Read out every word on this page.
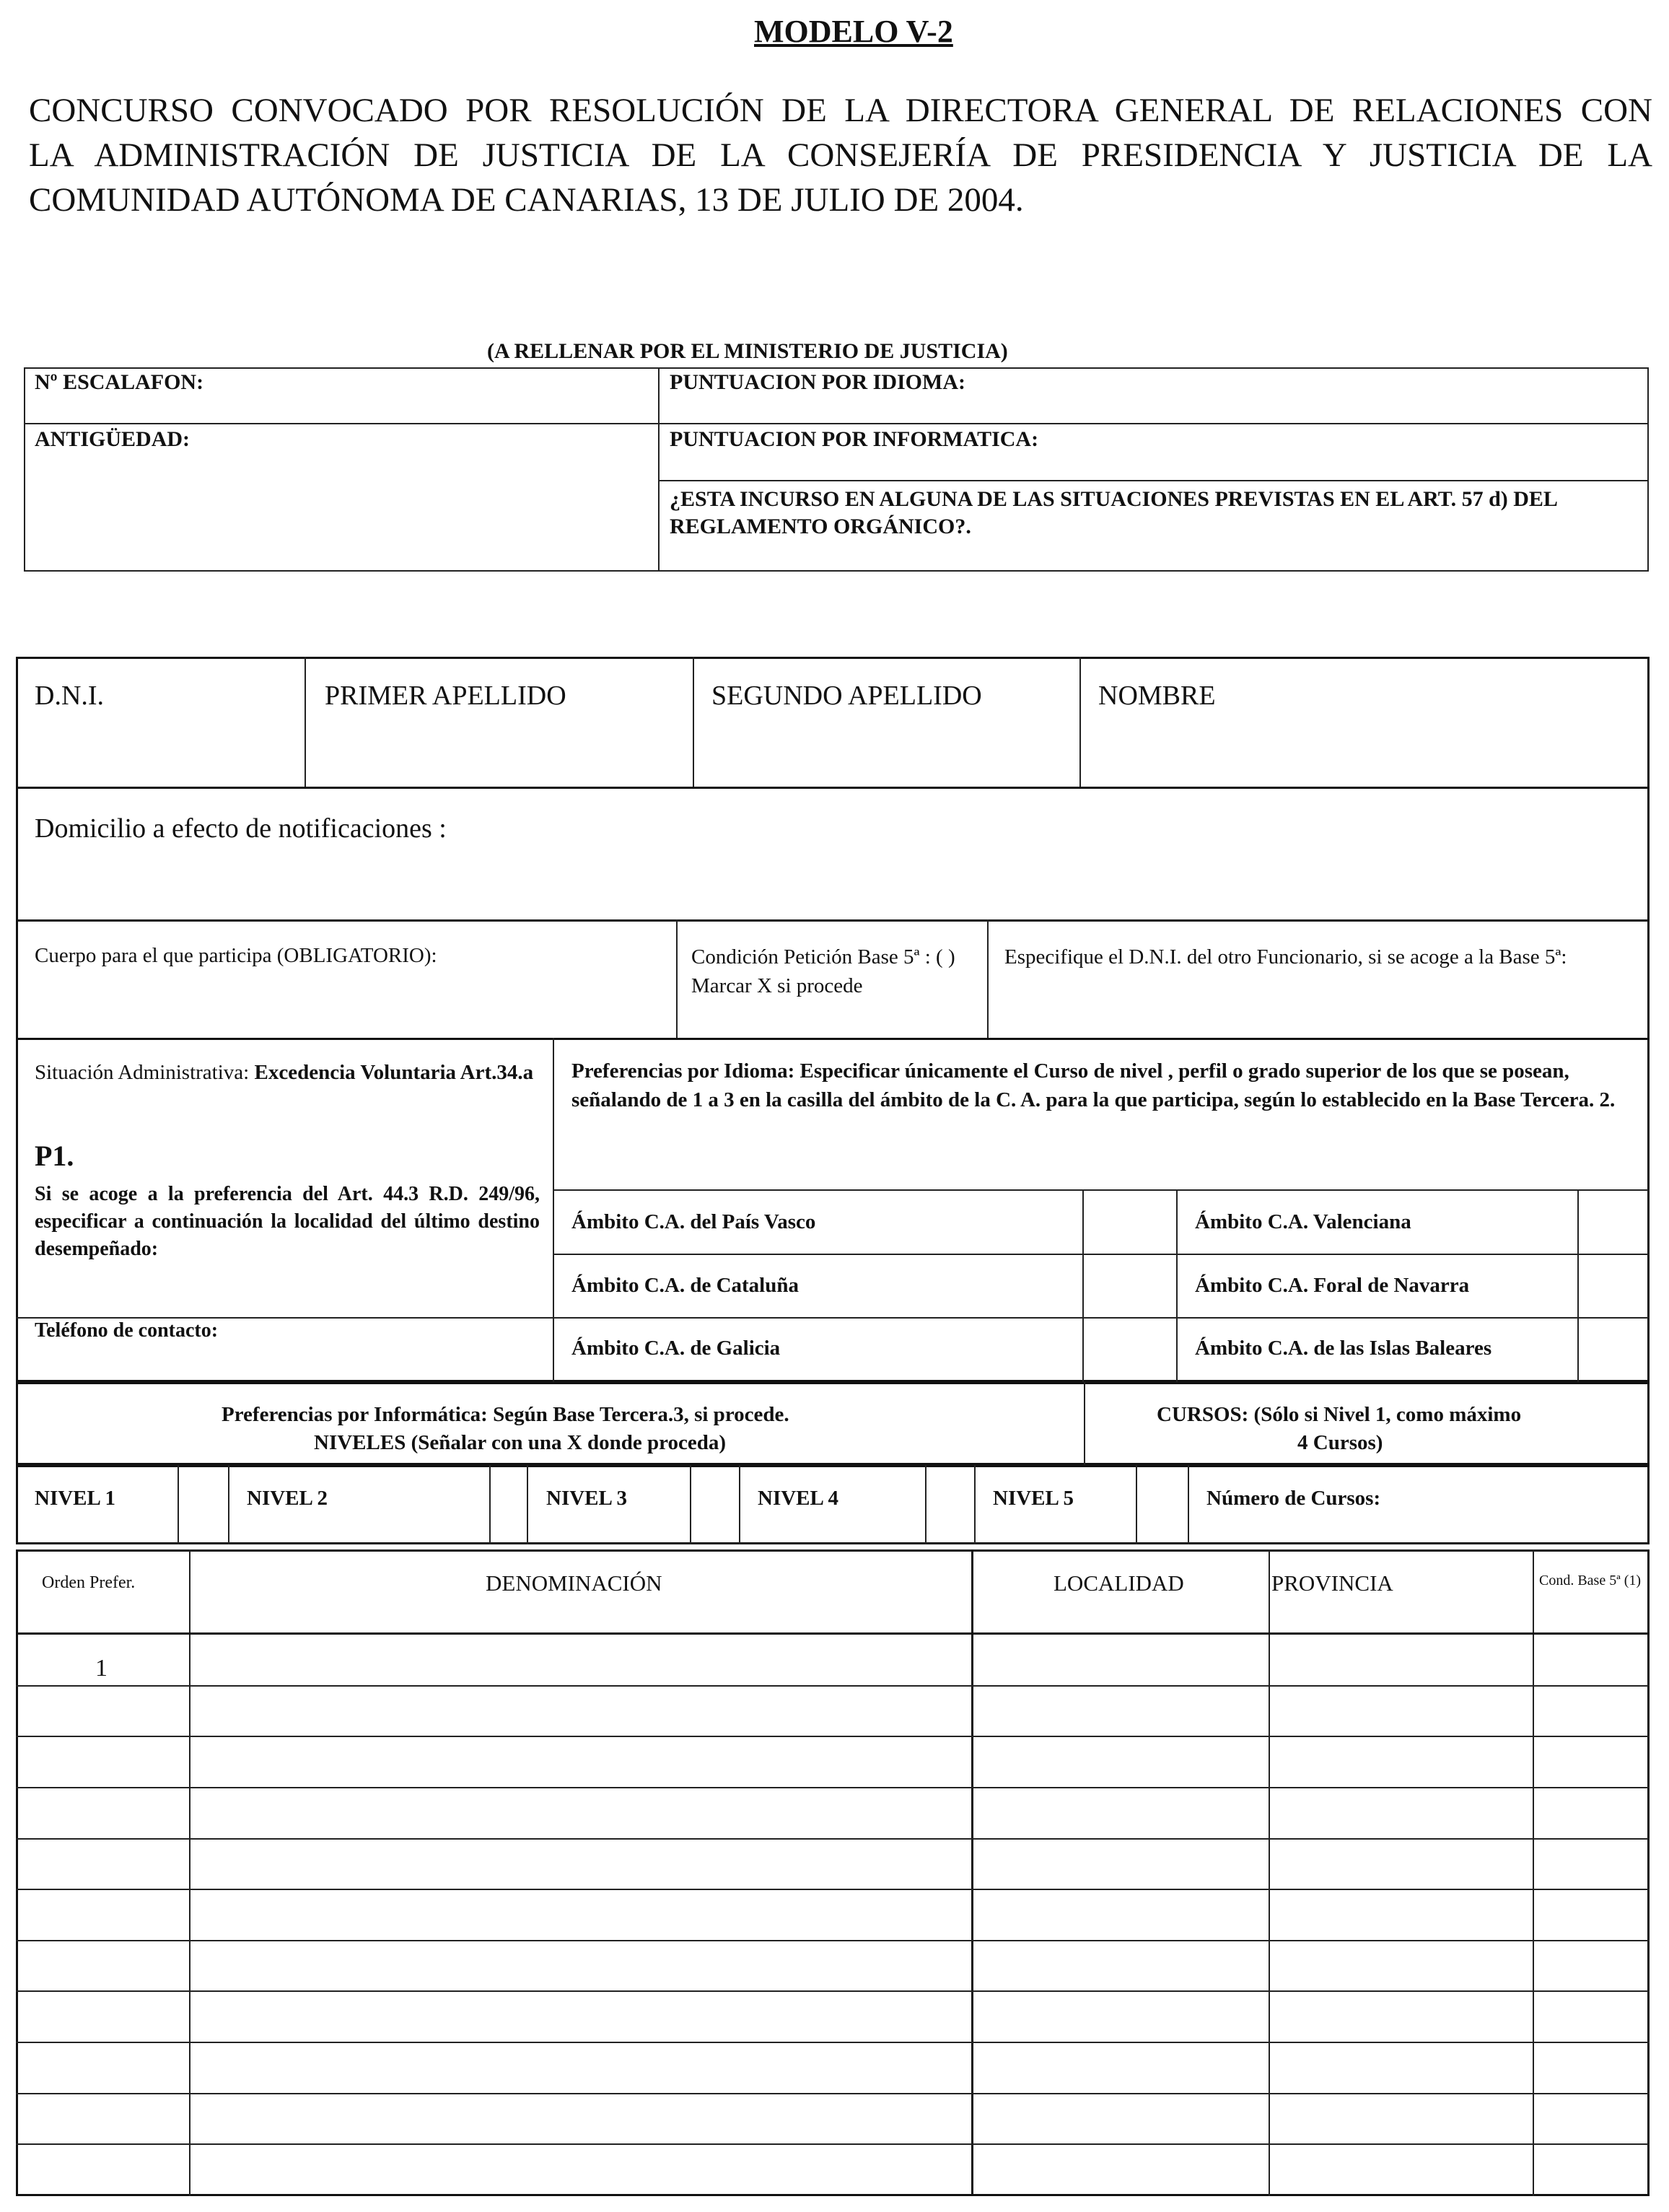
MODELO V-2
CONCURSO CONVOCADO POR RESOLUCIÓN DE LA DIRECTORA GENERAL DE RELACIONES CON
LA ADMINISTRACIÓN DE JUSTICIA DE LA CONSEJERÍA DE PRESIDENCIA Y JUSTICIA DE LA
COMUNIDAD AUTÓNOMA DE CANARIAS, 13 DE JULIO DE 2004.
(A RELLENAR POR EL MINISTERIO DE JUSTICIA)
Nº ESCALAFON:	PUNTUACION POR IDIOMA:
ANTIGÜEDAD:	PUNTUACION POR INFORMATICA:
¿ESTA INCURSO EN ALGUNA DE LAS SITUACIONES PREVISTAS EN EL ART. 57 d) DEL REGLAMENTO ORGÁNICO?.
D.N.I.	PRIMER APELLIDO	SEGUNDO APELLIDO	NOMBRE
Domicilio a efecto de notificaciones :
Cuerpo para el que participa (OBLIGATORIO):	Condición Petición Base 5ª : ( ) Marcar X si procede
Especifique el D.N.I. del otro Funcionario, si se acoge a la Base 5ª:
Situación Administrativa: Excedencia Voluntaria Art.34.a
P1.
Si se acoge a la preferencia del Art. 44.3 R.D. 249/96, especificar a continuación la localidad del último destino desempeñado:
Teléfono de contacto:
Preferencias por Idioma: Especificar únicamente el Curso de nivel , perfil o grado superior de los que se posean, señalando de 1 a 3 en la casilla del ámbito de la C. A. para la que participa, según lo establecido en la Base Tercera. 2.
Ámbito C.A. del País Vasco	Ámbito C.A. Valenciana
Ámbito C.A. de Cataluña	Ámbito C.A. Foral de Navarra
Ámbito C.A. de Galicia	Ámbito C.A. de las Islas Baleares
Preferencias por Informática: Según Base Tercera.3, si procede.
NIVELES (Señalar con una X donde proceda)
CURSOS: (Sólo si Nivel 1, como máximo
4 Cursos)
NIVEL 1	NIVEL 2	NIVEL 3	NIVEL 4	NIVEL 5	Número de Cursos:
Orden Prefer.	DENOMINACIÓN	LOCALIDAD	PROVINCIA	Cond. Base 5ª (1)
1
